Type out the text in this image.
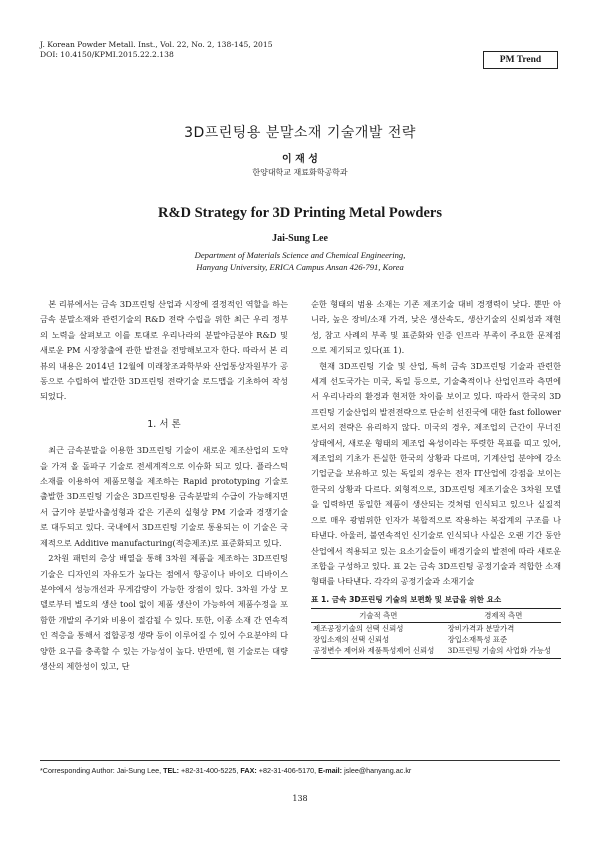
J. Korean Powder Metall. Inst., Vol. 22, No. 2, 138-145, 2015
DOI: 10.4150/KPMI.2015.22.2.138
PM Trend
3D프린팅용 분말소재 기술개발 전략
이 재 성
한양대학교 재료화학공학과
R&D Strategy for 3D Printing Metal Powders
Jai-Sung Lee
Department of Materials Science and Chemical Engineering,
Hanyang University, ERICA Campus Ansan 426-791, Korea

본 리뷰에서는 금속 3D프린팅 산업과 시장에 결정적인 역할을 하는 금속 분말소재와 관련기술의 R&D 전략 수립을 위한 최근 우리 정부의 노력을 살펴보고 이를 토대로 우리나라의 분말야금분야 R&D 및 새로운 PM 시장창출에 관한 발전을 전망해보고자 한다. 따라서 본 리뷰의 내용은 2014년 12월에 미래창조과학부와 산업통상자원부가 공동으로 수립하여 발간한 3D프린팅 전략기술 로드맵을 기초하여 작성되었다.

1. 서 론

최근 금속분말을 이용한 3D프린팅 기술이 새로운 제조산업의 도약을 가져 올 돌파구 기술로 전세계적으로 이슈화 되고 있다. 플라스틱 소재를 이용하여 제품모형을 제조하는 Rapid prototyping 기술로 출발한 3D프린팅 기술은 3D프린팅용 금속분말의 수급이 가능해지면서 급기야 분말사출성형과 같은 기존의 실형상 PM 기술과 경쟁기술로 대두되고 있다. 국내에서 3D프린팅 기술로 통용되는 이 기술은 국제적으로 Additive manufacturing(적층제조)로 표준화되고 있다.

2차원 패턴의 층상 배열을 통해 3차원 제품을 제조하는 3D프린팅 기술은 디자인의 자유도가 높다는 점에서 항공이나 바이오 디바이스 분야에서 성능개선과 무게감량이 가능한 장점이 있다. 3차원 가상 모델로부터 별도의 생산 tool 없이 제품 생산이 가능하여 제품수정을 포함한 개발의 주기와 비용이 절감될 수 있다. 또한, 이종 소재 간 연속적인 적층을 통해서 접합공정 생략 등이 이루어질 수 있어 수요분야의 다양한 요구를 충족할 수 있는 가능성이 높다. 반면에, 현 기술로는 대량생산의 제한성이 있고, 단

순한 형태의 범용 소재는 기존 제조기술 대비 경쟁력이 낮다. 뿐만 아니라, 높은 장비/소재 가격, 낮은 생산속도, 생산기술의 신뢰성과 재현성, 참고 사례의 부족 및 표준화와 인증 인프라 부족이 주요한 문제점으로 제기되고 있다(표 1).

현재 3D프린팅 기술 및 산업, 특히 금속 3D프린팅 기술과 관련한 세계 선도국가는 미국, 독일 등으로, 기술축적이나 산업인프라 측면에서 우리나라의 환경과 현저한 차이를 보이고 있다. 따라서 한국의 3D프린팅 기술산업의 발전전략으로 단순히 선진국에 대한 fast follower로서의 전략은 유리하지 않다. 미국의 경우, 제조업의 근간이 무너진 상태에서, 새로운 형태의 제조업 육성이라는 뚜렷한 목표를 띠고 있어, 제조업의 기초가 튼실한 한국의 상황과 다르며, 기계산업 분야에 강소기업군을 보유하고 있는 독일의 경우는 전자 IT산업에 강점을 보이는 한국의 상황과 다르다. 외형적으로, 3D프린팅 제조기술은 3차원 모델을 입력하면 동일한 제품이 생산되는 것처럼 인식되고 있으나 실질적으로 매우 광범위한 인자가 복합적으로 작용하는 복잡계의 구조를 나타낸다. 아울러, 불연속적인 신기술로 인식되나 사실은 오랜 기간 동안 산업에서 적용되고 있는 요소기술들이 배경기술의 발전에 따라 새로운 조합을 구성하고 있다. 표 2는 금속 3D프린팅 공정기술과 적합한 소재형태를 나타낸다. 각각의 공정기술과 소재기술

표 1. 금속 3D프린팅 기술의 보편화 및 보급을 위한 요소
기술적 측면	경제적 측면
제조공정기술의 선택 신뢰성	장비가격과 분말가격
장입소재의 선택 신뢰성	장입소재특성 표준
공정변수 제어와 제품특성제어 신뢰성	3D프린팅 기술의 사업화 가능성
*Corresponding Author: Jai-Sung Lee, TEL: +82-31-400-5225, FAX: +82-31-406-5170, E-mail: jslee@hanyang.ac.kr
138
